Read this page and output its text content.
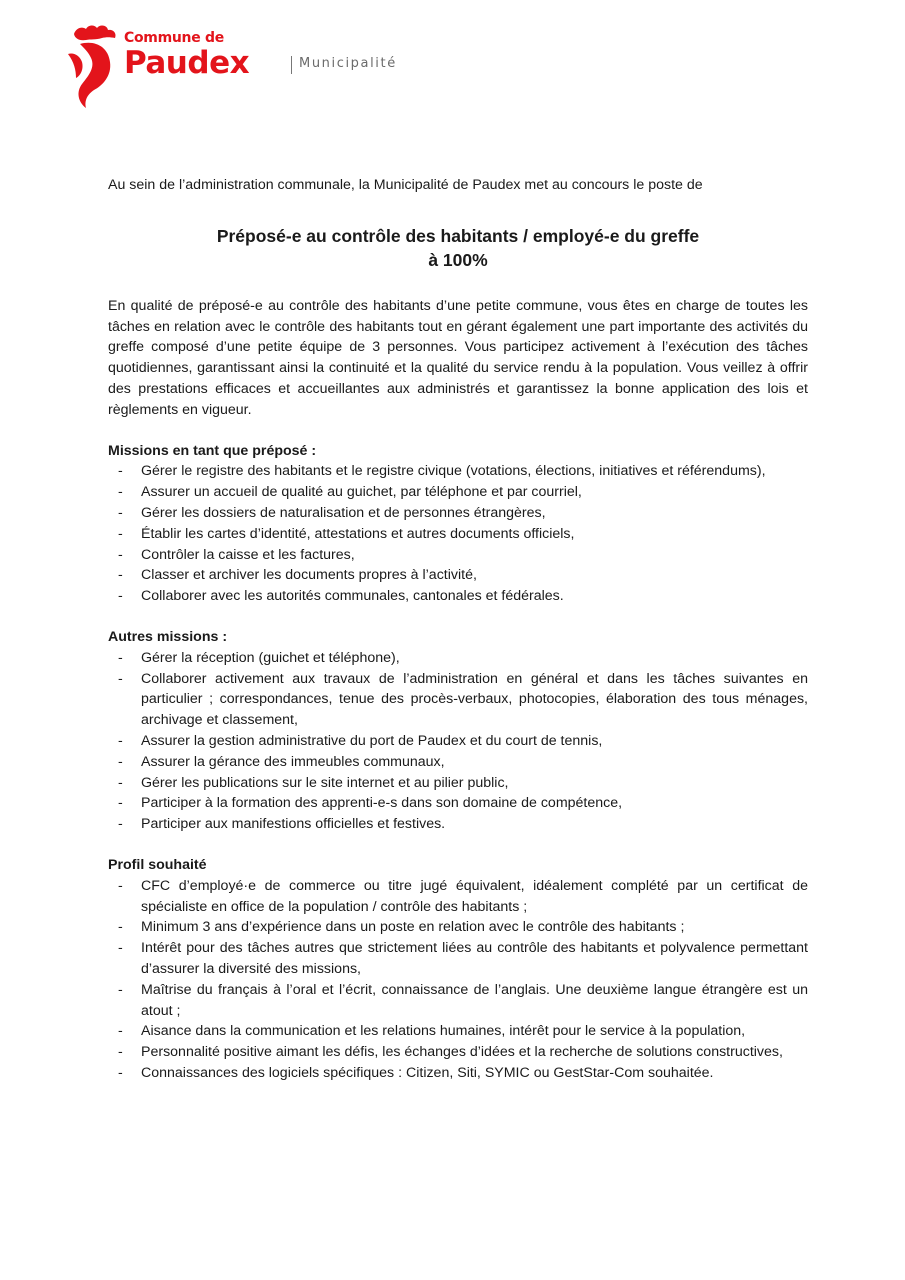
Commune de
Paudex	Municipalité

Au sein de l’administration communale, la Municipalité de Paudex met au concours le poste de

Préposé-e au contrôle des habitants / employé-e du greffe
à 100%

En qualité de préposé-e au contrôle des habitants d’une petite commune, vous êtes en charge de toutes les tâches en relation avec le contrôle des habitants tout en gérant également une part importante des activités du greffe composé d’une petite équipe de 3 personnes. Vous participez activement à l’exécution des tâches quotidiennes, garantissant ainsi la continuité et la qualité du service rendu à la population. Vous veillez à offrir des prestations efficaces et accueillantes aux administrés et garantissez la bonne application des lois et règlements en vigueur.

Missions en tant que préposé :
- Gérer le registre des habitants et le registre civique (votations, élections, initiatives et référendums),
- Assurer un accueil de qualité au guichet, par téléphone et par courriel,
- Gérer les dossiers de naturalisation et de personnes étrangères,
- Établir les cartes d’identité, attestations et autres documents officiels,
- Contrôler la caisse et les factures,
- Classer et archiver les documents propres à l’activité,
- Collaborer avec les autorités communales, cantonales et fédérales.
Autres missions :
- Gérer la réception (guichet et téléphone),
- Collaborer activement aux travaux de l’administration en général et dans les tâches suivantes en particulier ; correspondances, tenue des procès-verbaux, photocopies, élaboration des tous ménages, archivage et classement,
- Assurer la gestion administrative du port de Paudex et du court de tennis,
- Assurer la gérance des immeubles communaux,
- Gérer les publications sur le site internet et au pilier public,
- Participer à la formation des apprenti-e-s dans son domaine de compétence,
- Participer aux manifestions officielles et festives.
Profil souhaité
- CFC d’employé·e de commerce ou titre jugé équivalent, idéalement complété par un certificat de spécialiste en office de la population / contrôle des habitants ;
- Minimum 3 ans d’expérience dans un poste en relation avec le contrôle des habitants ;
- Intérêt pour des tâches autres que strictement liées au contrôle des habitants et polyvalence permettant d’assurer la diversité des missions,
- Maîtrise du français à l’oral et l’écrit, connaissance de l’anglais. Une deuxième langue étrangère est un atout ;
- Aisance dans la communication et les relations humaines, intérêt pour le service à la population,
- Personnalité positive aimant les défis, les échanges d’idées et la recherche de solutions constructives,
- Connaissances des logiciels spécifiques : Citizen, Siti, SYMIC ou GestStar-Com souhaitée.
